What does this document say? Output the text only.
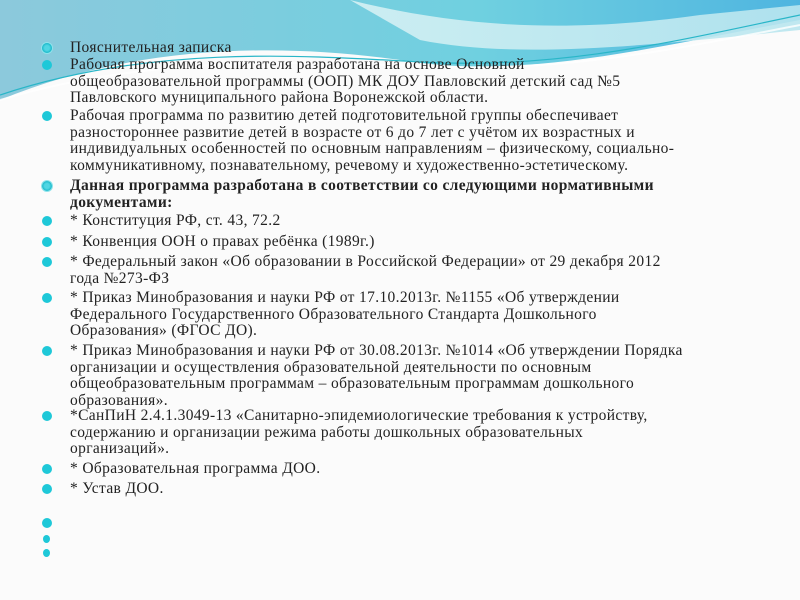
Пояснительная записка
Рабочая программа воспитателя разработана на основе Основной
общеобразовательной программы (ООП) МК ДОУ Павловский детский сад №5
Павловского муниципального района Воронежской области.
Рабочая программа по развитию детей подготовительной группы обеспечивает
разностороннее развитие детей в возрасте от 6 до 7 лет с учётом их возрастных и
индивидуальных особенностей по основным направлениям – физическому, социально-
коммуникативному, познавательному, речевому и художественно-эстетическому.
Данная программа разработана в соответствии со следующими нормативными
документами:
* Конституция РФ, ст. 43, 72.2
* Конвенция ООН о правах ребёнка (1989г.)
* Федеральный закон «Об образовании в Российской Федерации» от 29 декабря 2012
года №273-ФЗ
* Приказ Минобразования и науки РФ от 17.10.2013г. №1155 «Об утверждении
Федерального Государственного Образовательного Стандарта Дошкольного
Образования» (ФГОС ДО).
* Приказ Минобразования и науки РФ от 30.08.2013г. №1014 «Об утверждении Порядка
организации и осуществления образовательной деятельности по основным
общеобразовательным программам – образовательным программам дошкольного
образования».
*СанПиН 2.4.1.3049-13 «Санитарно-эпидемиологические требования к устройству,
содержанию и организации режима работы дошкольных образовательных
организаций».
* Образовательная программа ДОО.
* Устав ДОО.
